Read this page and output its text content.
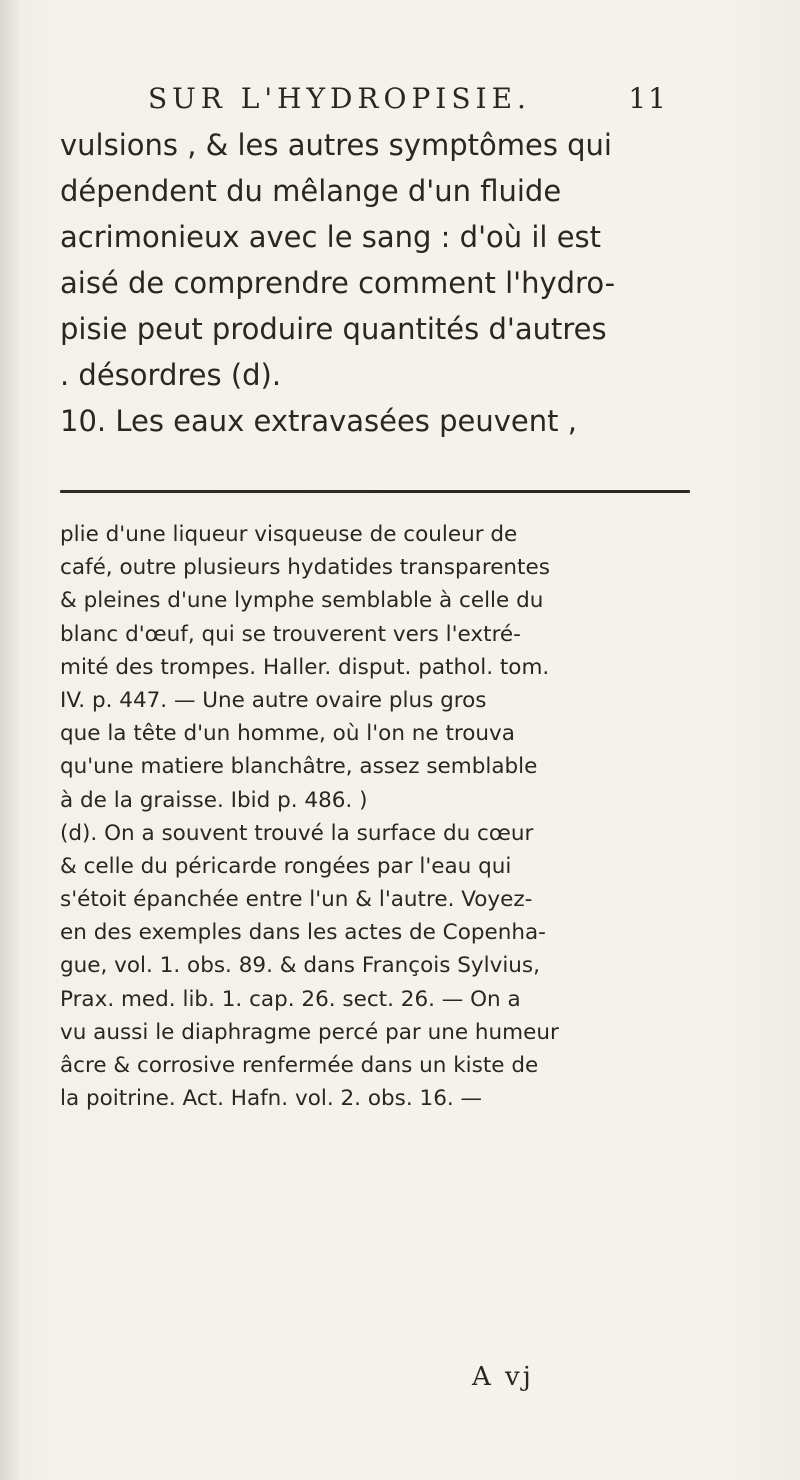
SUR L'HYDROPISIE.	11
vulsions , & les autres symptômes qui
dépendent du mêlange d'un fluide
acrimonieux avec le sang : d'où il est
aisé de comprendre comment l'hydro-
pisie peut produire quantités d'autres
. désordres (d).
10. Les eaux extravasées peuvent ,
plie d'une liqueur visqueuse de couleur de
café, outre plusieurs hydatides transparentes
& pleines d'une lymphe semblable à celle du
blanc d'œuf, qui se trouverent vers l'extré-
mité des trompes. Haller. disput. pathol. tom.
IV. p. 447. — Une autre ovaire plus gros
que la tête d'un homme, où l'on ne trouva
qu'une matiere blanchâtre, assez semblable
à de la graisse. Ibid p. 486. )
(d). On a souvent trouvé la surface du cœur
& celle du péricarde rongées par l'eau qui
s'étoit épanchée entre l'un & l'autre. Voyez-
en des exemples dans les actes de Copenha-
gue, vol. 1. obs. 89. & dans François Sylvius,
Prax. med. lib. 1. cap. 26. sect. 26. — On a
vu aussi le diaphragme percé par une humeur
âcre & corrosive renfermée dans un kiste de
la poitrine. Act. Hafn. vol. 2. obs. 16. —
A vj
